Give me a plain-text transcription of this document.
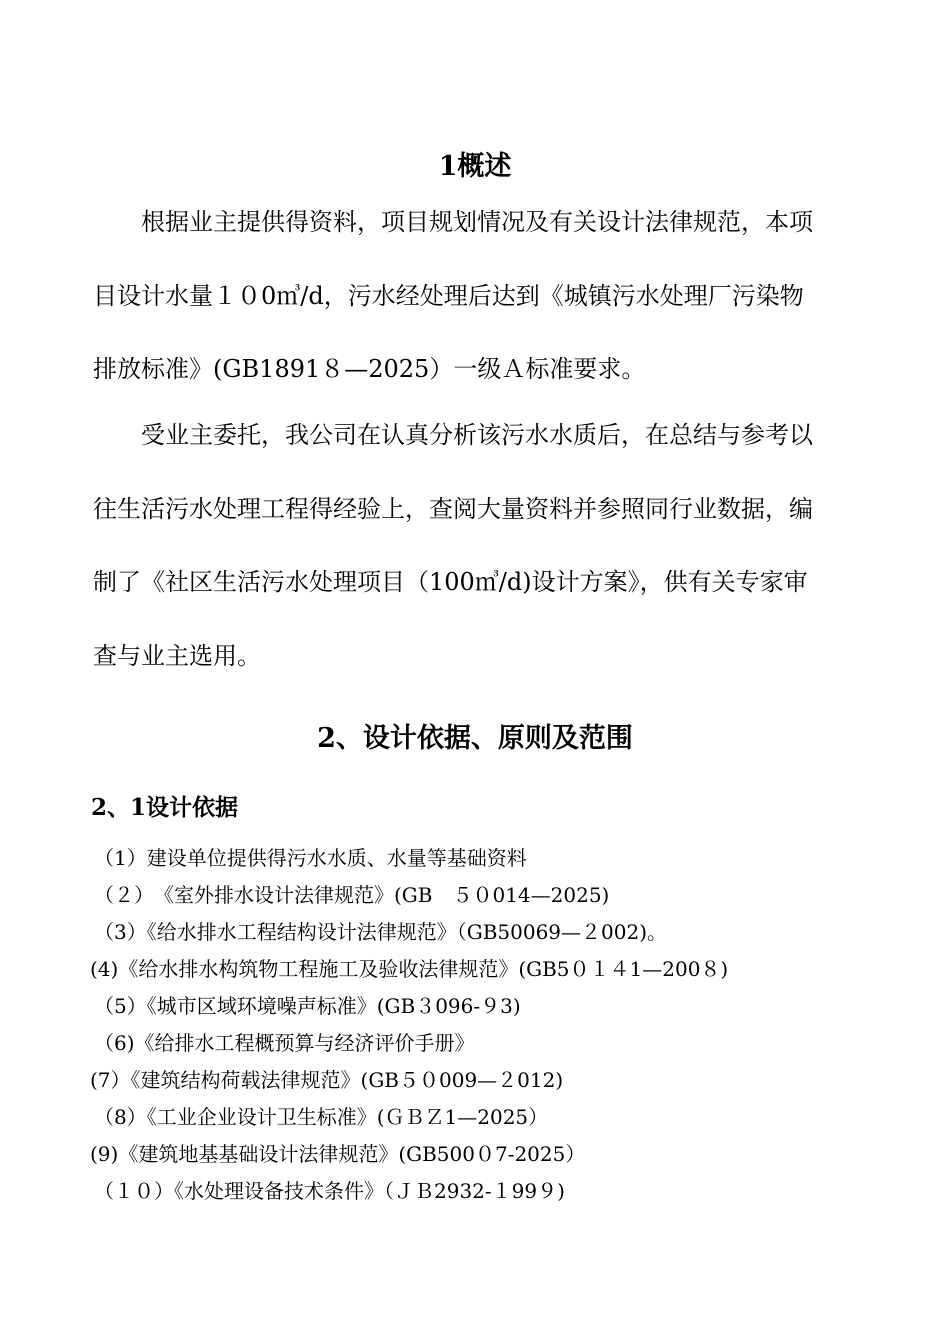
1概述

根据业主提供得资料，项目规划情况及有关设计法律规范，本项

目设计水量１０0㎥/d，污水经处理后达到《城镇污水处理厂污染物

排放标准》(GB1891８—2025）一级Ａ标准要求。

受业主委托，我公司在认真分析该污水水质后，在总结与参考以

往生活污水处理工程得经验上，查阅大量资料并参照同行业数据，编

制了《社区生活污水处理项目（100㎥/d)设计方案》，供有关专家审

查与业主选用。

2、设计依据、原则及范围
2、1设计依据

（1）建设单位提供得污水水质、水量等基础资料

（２）　《室外排水设计法律规范》(GB　５０014—2025)

（3）《给水排水工程结构设计法律规范》（GB50069—２002)。

(4)《给水排水构筑物工程施工及验收法律规范》(GB5０１４1—200８)

（5）《城市区域环境噪声标准》(GB３096-９3)

（6)《给排水工程概预算与经济评价手册》

(7）《建筑结构荷载法律规范》(GB５０009—２012)

（8）《工业企业设计卫生标准》(ＧＢＺ1—2025）

(9)《建筑地基基础设计法律规范》(GB500０7-2025）

（１０）《水处理设备技术条件》（ＪＢ2932-１99９)
